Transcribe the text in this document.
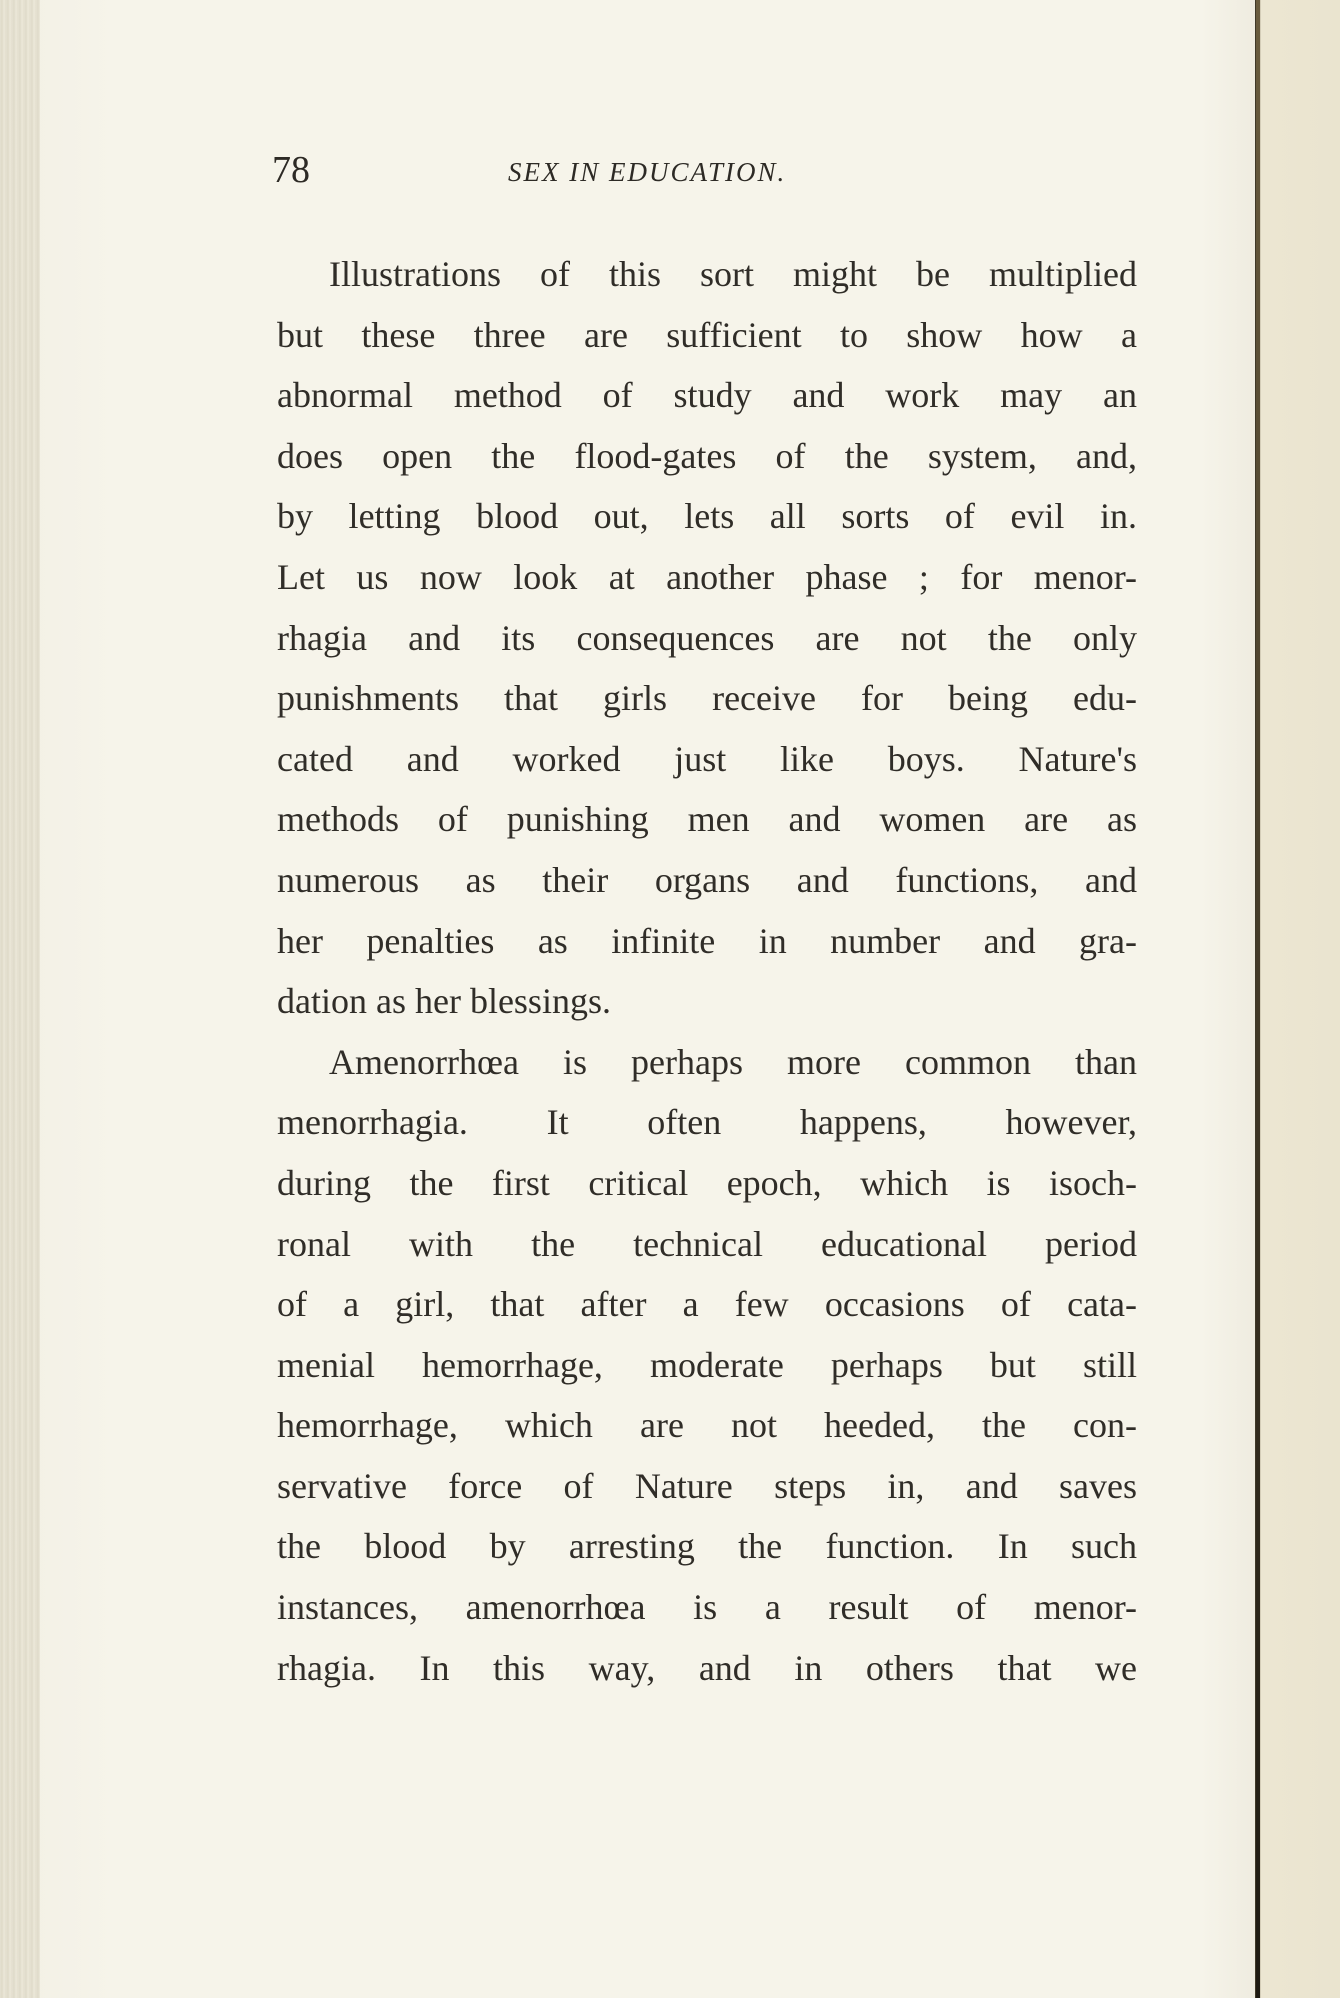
78	SEX IN EDUCATION.
Illustrations of this sort might be multiplied
but these three are sufficient to show how a
abnormal method of study and work may an
does open the flood-gates of the system, and,
by letting blood out, lets all sorts of evil in.
Let us now look at another phase ; for menor-
rhagia and its consequences are not the only
punishments that girls receive for being edu-
cated and worked just like boys. Nature's
methods of punishing men and women are as
numerous as their organs and functions, and
her penalties as infinite in number and gra-
dation as her blessings.
Amenorrhœa is perhaps more common than
menorrhagia. It often happens, however,
during the first critical epoch, which is isoch-
ronal with the technical educational period
of a girl, that after a few occasions of cata-
menial hemorrhage, moderate perhaps but still
hemorrhage, which are not heeded, the con-
servative force of Nature steps in, and saves
the blood by arresting the function. In such
instances, amenorrhœa is a result of menor-
rhagia. In this way, and in others that we
